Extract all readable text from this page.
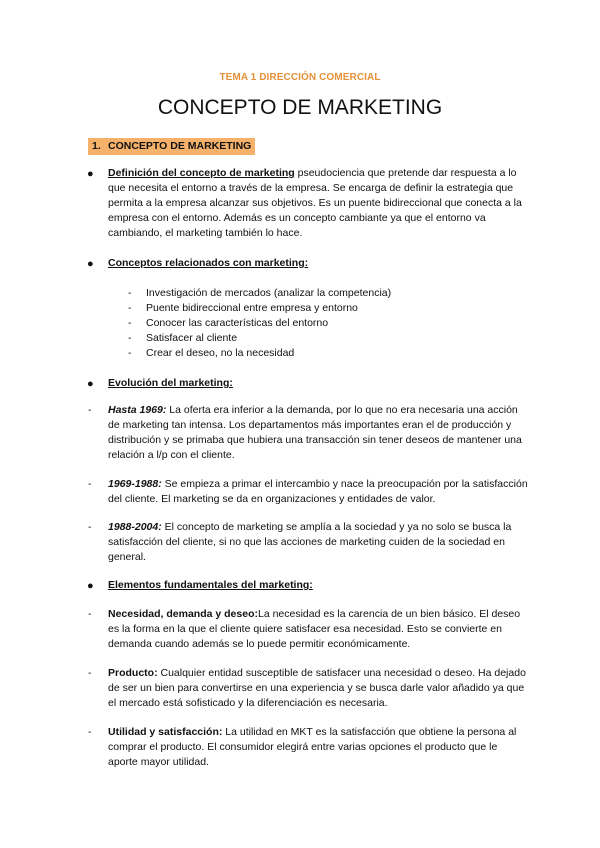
TEMA 1 DIRECCIÓN COMERCIAL
CONCEPTO DE MARKETING
1. CONCEPTO DE MARKETING
● Definición del concepto de marketing pseudociencia que pretende dar respuesta a lo que necesita el entorno a través de la empresa. Se encarga de definir la estrategia que permita a la empresa alcanzar sus objetivos. Es un puente bidireccional que conecta a la empresa con el entorno. Además es un concepto cambiante ya que el entorno va cambiando, el marketing también lo hace.
● Conceptos relacionados con marketing:
- Investigación de mercados (analizar la competencia)
- Puente bidireccional entre empresa y entorno
- Conocer las características del entorno
- Satisfacer al cliente
- Crear el deseo, no la necesidad
● Evolución del marketing:
- Hasta 1969: La oferta era inferior a la demanda, por lo que no era necesaria una acción de marketing tan intensa. Los departamentos más importantes eran el de producción y distribución y se primaba que hubiera una transacción sin tener deseos de mantener una relación a l/p con el cliente.
- 1969-1988: Se empieza a primar el intercambio y nace la preocupación por la satisfacción del cliente. El marketing se da en organizaciones y entidades de valor.
- 1988-2004: El concepto de marketing se amplía a la sociedad y ya no solo se busca la satisfacción del cliente, si no que las acciones de marketing cuiden de la sociedad en general.
● Elementos fundamentales del marketing:
- Necesidad, demanda y deseo:La necesidad es la carencia de un bien básico. El deseo es la forma en la que el cliente quiere satisfacer esa necesidad. Esto se convierte en demanda cuando además se lo puede permitir económicamente.
- Producto: Cualquier entidad susceptible de satisfacer una necesidad o deseo. Ha dejado de ser un bien para convertirse en una experiencia y se busca darle valor añadido ya que el mercado está sofisticado y la diferenciación es necesaria.
- Utilidad y satisfacción: La utilidad en MKT es la satisfacción que obtiene la persona al comprar el producto. El consumidor elegirá entre varias opciones el producto que le aporte mayor utilidad.
